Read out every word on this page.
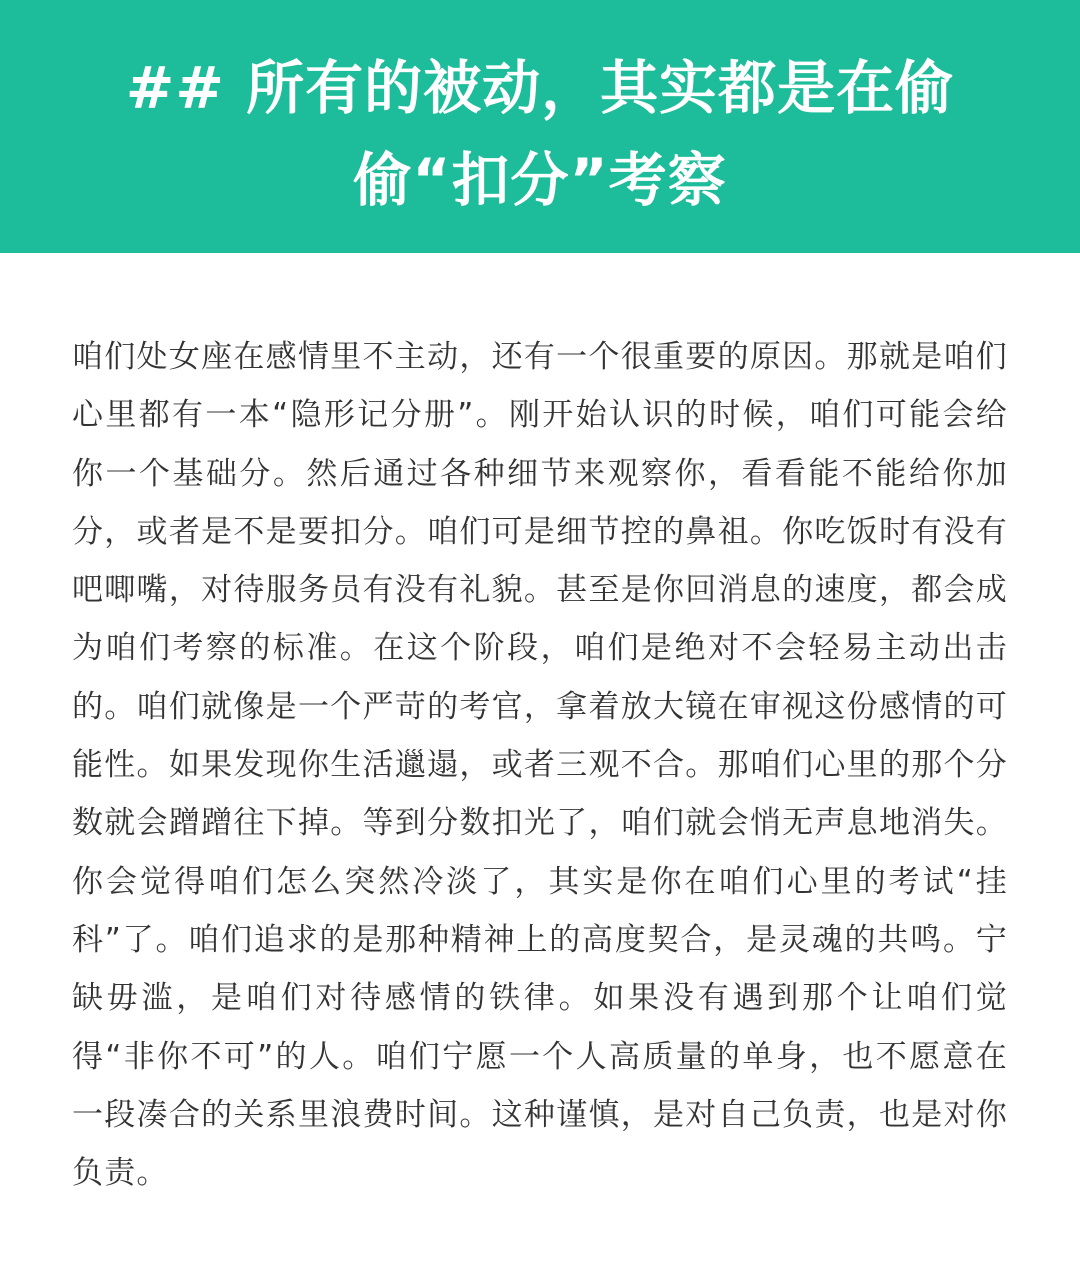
## 所有的被动，其实都是在偷偷“扣分”考察

咱们处女座在感情里不主动，还有一个很重要的原因。那就是咱们心里都有一本“隐形记分册”。刚开始认识的时候，咱们可能会给你一个基础分。然后通过各种细节来观察你，看看能不能给你加分，或者是不是要扣分。咱们可是细节控的鼻祖。你吃饭时有没有吧唧嘴，对待服务员有没有礼貌。甚至是你回消息的速度，都会成为咱们考察的标准。在这个阶段，咱们是绝对不会轻易主动出击的。咱们就像是一个严苛的考官，拿着放大镜在审视这份感情的可能性。如果发现你生活邋遢，或者三观不合。那咱们心里的那个分数就会蹭蹭往下掉。等到分数扣光了，咱们就会悄无声息地消失。你会觉得咱们怎么突然冷淡了，其实是你在咱们心里的考试“挂科”了。咱们追求的是那种精神上的高度契合，是灵魂的共鸣。宁缺毋滥，是咱们对待感情的铁律。如果没有遇到那个让咱们觉得“非你不可”的人。咱们宁愿一个人高质量的单身，也不愿意在一段凑合的关系里浪费时间。这种谨慎，是对自己负责，也是对你负责。
